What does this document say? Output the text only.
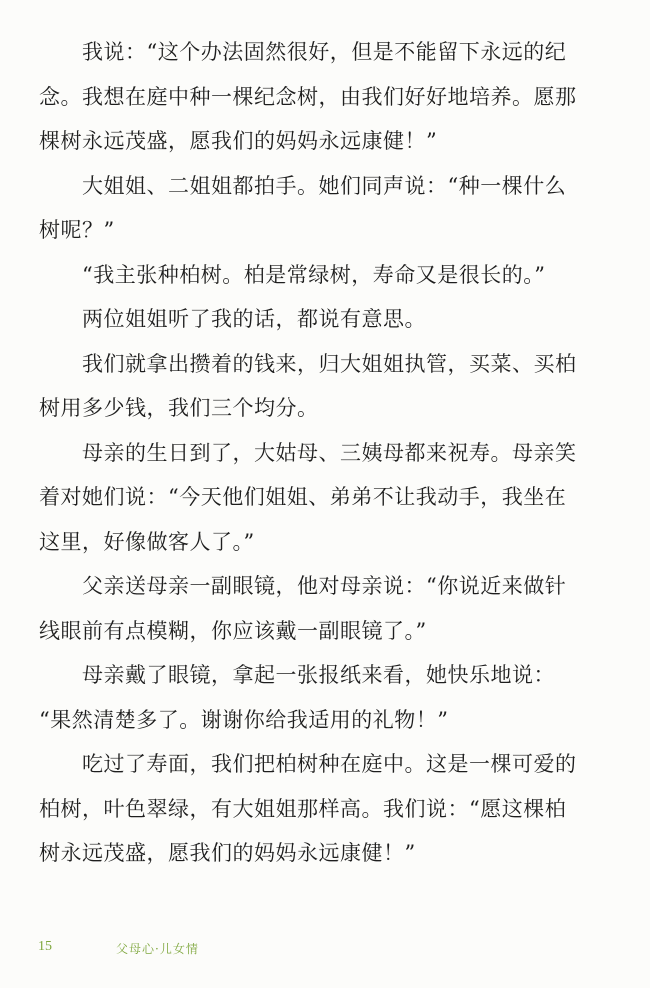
　　我说：“这个办法固然很好，但是不能留下永远的纪
念。我想在庭中种一棵纪念树，由我们好好地培养。愿那
棵树永远茂盛，愿我们的妈妈永远康健！”

　　大姐姐、二姐姐都拍手。她们同声说：“种一棵什么
树呢？”

　　“我主张种柏树。柏是常绿树，寿命又是很长的。”

　　两位姐姐听了我的话，都说有意思。

　　我们就拿出攒着的钱来，归大姐姐执管，买菜、买柏
树用多少钱，我们三个均分。

　　母亲的生日到了，大姑母、三姨母都来祝寿。母亲笑
着对她们说：“今天他们姐姐、弟弟不让我动手，我坐在
这里，好像做客人了。”

　　父亲送母亲一副眼镜，他对母亲说：“你说近来做针
线眼前有点模糊，你应该戴一副眼镜了。”

　　母亲戴了眼镜，拿起一张报纸来看，她快乐地说：
“果然清楚多了。谢谢你给我适用的礼物！”

　　吃过了寿面，我们把柏树种在庭中。这是一棵可爱的
柏树，叶色翠绿，有大姐姐那样高。我们说：“愿这棵柏
树永远茂盛，愿我们的妈妈永远康健！”

15	父母心·儿女情
